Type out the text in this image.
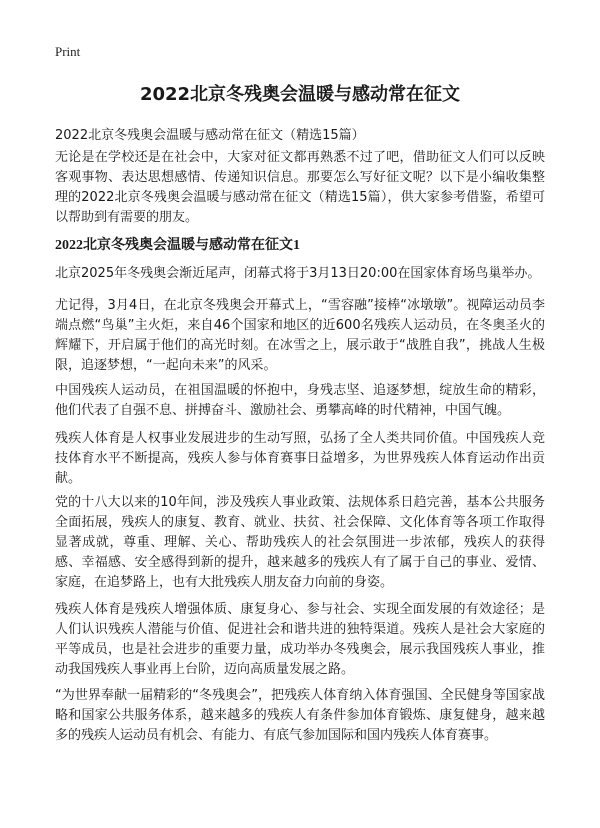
Print
2022北京冬残奥会温暖与感动常在征文

2022北京冬残奥会温暖与感动常在征文（精选15篇）

无论是在学校还是在社会中，大家对征文都再熟悉不过了吧，借助征文人们可以反映客观事物、表达思想感情、传递知识信息。那要怎么写好征文呢？以下是小编收集整理的2022北京冬残奥会温暖与感动常在征文（精选15篇），供大家参考借鉴，希望可以帮助到有需要的朋友。

2022北京冬残奥会温暖与感动常在征文1

北京2025年冬残奥会渐近尾声，闭幕式将于3月13日20:00在国家体育场鸟巢举办。

尤记得，3月4日，在北京冬残奥会开幕式上，“雪容融”接棒“冰墩墩”。视障运动员李端点燃“鸟巢”主火炬，来自46个国家和地区的近600名残疾人运动员，在冬奥圣火的辉耀下，开启属于他们的高光时刻。在冰雪之上，展示敢于“战胜自我”，挑战人生极限，追逐梦想，“一起向未来”的风采。

中国残疾人运动员，在祖国温暖的怀抱中，身残志坚、追逐梦想，绽放生命的精彩，他们代表了自强不息、拼搏奋斗、激励社会、勇攀高峰的时代精神，中国气魄。

残疾人体育是人权事业发展进步的生动写照，弘扬了全人类共同价值。中国残疾人竞技体育水平不断提高，残疾人参与体育赛事日益增多，为世界残疾人体育运动作出贡献。

党的十八大以来的10年间，涉及残疾人事业政策、法规体系日趋完善，基本公共服务全面拓展，残疾人的康复、教育、就业、扶贫、社会保障、文化体育等各项工作取得显著成就，尊重、理解、关心、帮助残疾人的社会氛围进一步浓郁，残疾人的获得感、幸福感、安全感得到新的提升，越来越多的残疾人有了属于自己的事业、爱情、家庭，在追梦路上，也有大批残疾人朋友奋力向前的身姿。

残疾人体育是残疾人增强体质、康复身心、参与社会、实现全面发展的有效途径；是人们认识残疾人潜能与价值、促进社会和谐共进的独特渠道。残疾人是社会大家庭的平等成员，也是社会进步的重要力量，成功举办冬残奥会，展示我国残疾人事业，推动我国残疾人事业再上台阶，迈向高质量发展之路。

“为世界奉献一届精彩的“冬残奥会”，把残疾人体育纳入体育强国、全民健身等国家战略和国家公共服务体系，越来越多的残疾人有条件参加体育锻炼、康复健身，越来越多的残疾人运动员有机会、有能力、有底气参加国际和国内残疾人体育赛事。
